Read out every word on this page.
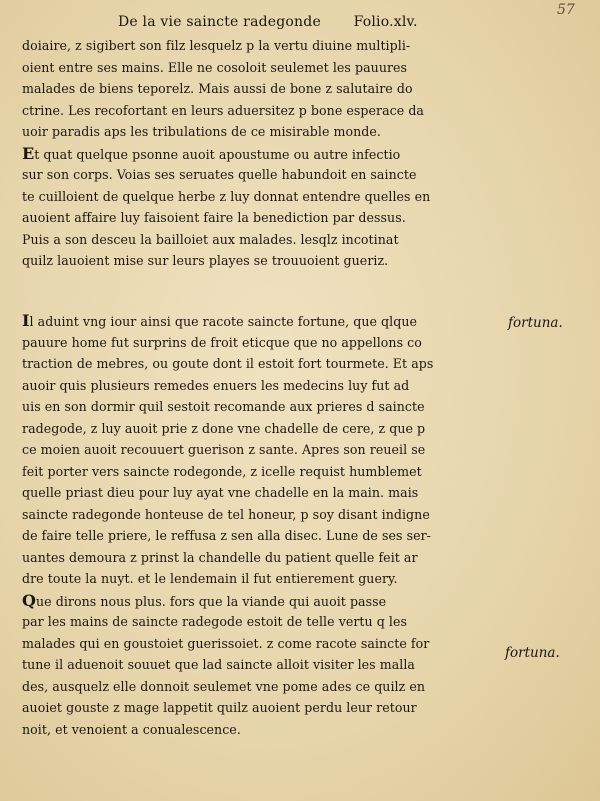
57
De la vie saincte radegonde Folio.xlv.
doiaire, z sigibert son filz lesquelz p la vertu diuine multipli-
oient entre ses mains. Elle ne cosoloit seulemet les pauures
malades de biens teporelz. Mais aussi de bone z salutaire do
ctrine. Les recofortant en leurs aduersitez p bone esperace da
uoir paradis aps les tribulations de ce misirable monde.
Et quat quelque psonne auoit apoustume ou autre infectio
sur son corps. Voias ses seruates quelle habundoit en saincte
te cuilloient de quelque herbe z luy donnat entendre quelles en
auoient affaire luy faisoient faire la benediction par dessus.
Puis a son desceu la bailloiet aux malades. lesqlz incotinat
quilz lauoient mise sur leurs playes se trouuoient gueriz.
Il aduint vng iour ainsi que racote saincte fortune, que qlque
pauure home fut surprins de froit eticque que no appellons co
traction de mebres, ou goute dont il estoit fort tourmete. Et aps
auoir quis plusieurs remedes enuers les medecins luy fut ad
uis en son dormir quil sestoit recomande aux prieres d saincte
radegode, z luy auoit prie z done vne chadelle de cere, z que p
ce moien auoit recouuert guerison z sante. Apres son reueil se
feit porter vers saincte rodegonde, z icelle requist humblemet
quelle priast dieu pour luy ayat vne chadelle en la main. mais
saincte radegonde honteuse de tel honeur, p soy disant indigne
de faire telle priere, le reffusa z sen alla disec. Lune de ses ser-
uantes demoura z prinst la chandelle du patient quelle feit ar
dre toute la nuyt. et le lendemain il fut entierement guery.
Que dirons nous plus. fors que la viande qui auoit passe
par les mains de saincte radegode estoit de telle vertu q les
malades qui en goustoiet guerissoiet. z come racote saincte for
tune il aduenoit souuet que lad saincte alloit visiter les malla
des, ausquelz elle donnoit seulemet vne pome ades ce quilz en
auoiet gouste z mage lappetit quilz auoient perdu leur retour
noit, et venoient a conualescence.
fortuna.
fortuna.
